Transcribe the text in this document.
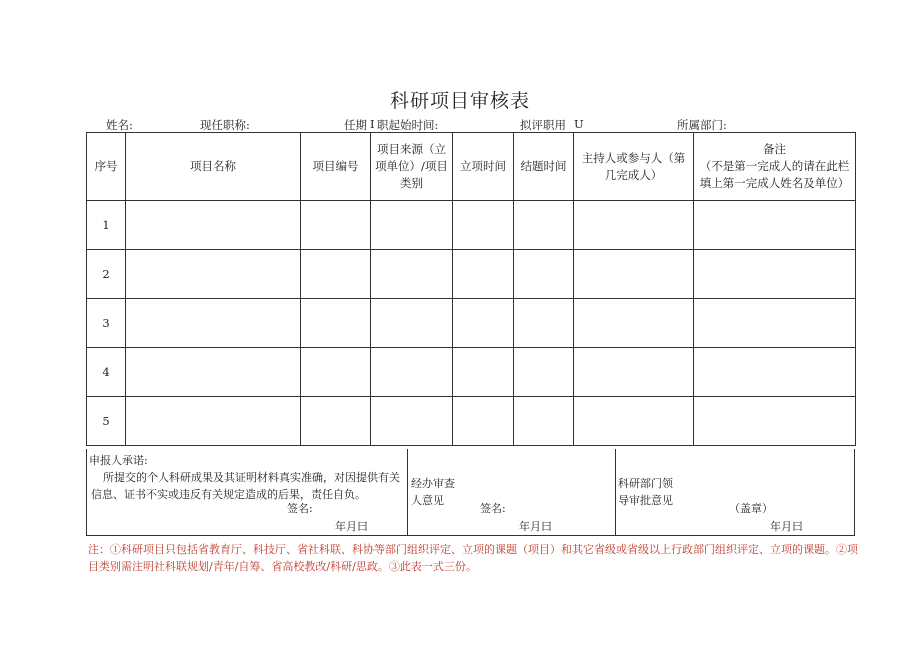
科研项目审核表
姓名:	现任职称:	任期 I 职起始时间:	拟评职用 U	所属部门:
序号	项目名称	项目编号	项目来源（立项单位）/项目类别	立项时间	结题时间	主持人或参与人（第几完成人）	备注
（不是第一完成人的请在此栏填上第一完成人姓名及单位）

1							
2							
3							
4							
5							
申报人承诺:
所提交的个人科研成果及其证明材料真实准确，对因提供有关信息、证书不实或违反有关规定造成的后果，责任自负。
签名:
年月曰
经办审查人意见
签名:
年月曰
科研部门领导审批意见
（盖章）
年月曰
注：①科研项目只包括省教育厅、科技厅、省社科联、科协等部门组织评定、立项的课题（项目）和其它省级或省级以上行政部门组织评定、立项的课题。②项目类别需注明社科联规划/青年/自筹、省高校教改/科研/思政。③此表一式三份。
